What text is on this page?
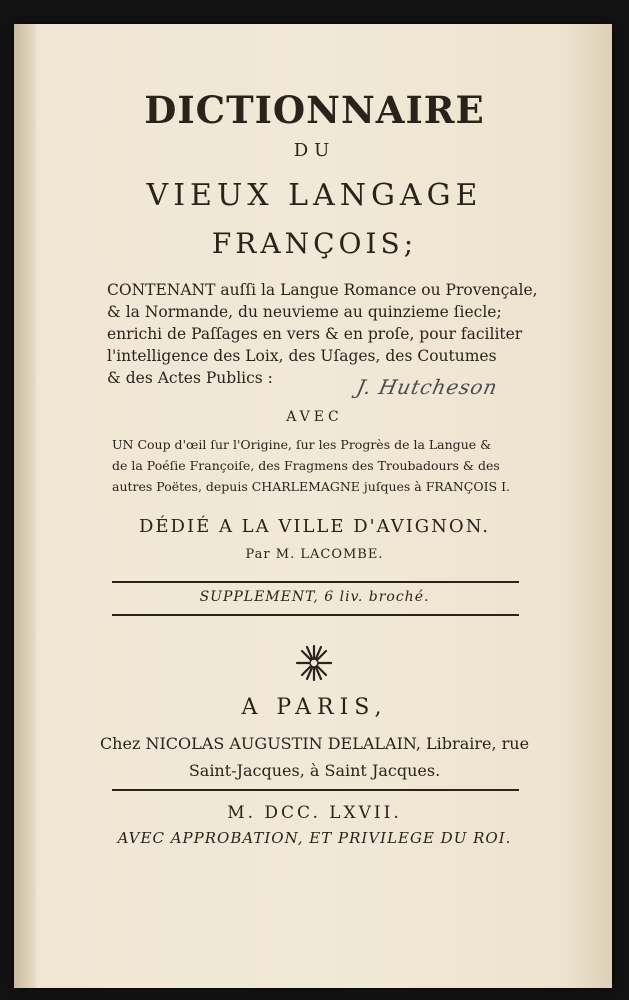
DICTIONNAIRE
DU
VIEUX LANGAGE
FRANÇOIS;
CONTENANT auſſi la Langue Romance ou Provençale,
& la Normande, du neuvieme au quinzieme ſiecle;
enrichi de Paſſages en vers & en proſe, pour faciliter
l'intelligence des Loix, des Uſages, des Coutumes
& des Actes Publics :	J. Hutcheson
AVEC
UN Coup d'œil ſur l'Origine, ſur les Progrès de la Langue &
de la Poéſie Françoiſe, des Fragmens des Troubadours & des
autres Poëtes, depuis CHARLEMAGNE juſques à FRANÇOIS I.
DÉDIÉ A LA VILLE D'AVIGNON.
Par M. LACOMBE.
SUPPLEMENT, 6 liv. broché.
A PARIS,
Chez NICOLAS AUGUSTIN DELALAIN, Libraire, rue
Saint-Jacques, à Saint Jacques.
M. DCC. LXVII.
AVEC APPROBATION, ET PRIVILEGE DU ROI.
